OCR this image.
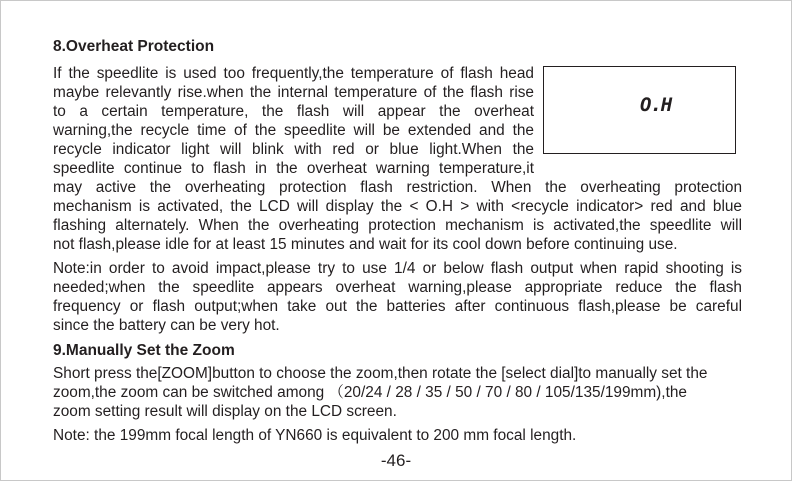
8.Overheat Protection

If the speedlite is used too frequently,the temperature of flash head

maybe relevantly rise.when the internal temperature of the flash rise

to a certain temperature, the flash will appear the overheat

warning,the recycle time of the speedlite will be extended and the

recycle indicator light will blink with red or blue light.When the

speedlite continue to flash in the overheat warning temperature,it

may active the overheating protection flash restriction. When the overheating protection

mechanism is activated, the LCD will display the < O.H > with <recycle indicator> red and blue

flashing alternately. When the overheating protection mechanism is activated,the speedlite will

not flash,please idle for at least 15 minutes and wait for its cool down before continuing use.

O.H

Note:in order to avoid impact,please try to use 1/4 or below flash output when rapid shooting is

needed;when the speedlite appears overheat warning,please appropriate reduce the flash

frequency or flash output;when take out the batteries after continuous flash,please be careful

since the battery can be very hot.

9.Manually Set the Zoom

Short press the[ZOOM]button to choose the zoom,then rotate the [select dial]to manually set the

zoom,the zoom can be switched among （20/24 / 28 / 35 / 50 / 70 / 80 / 105/135/199mm),the

zoom setting result will display on the LCD screen.

Note: the 199mm focal length of YN660 is equivalent to 200 mm focal length.

-46-
